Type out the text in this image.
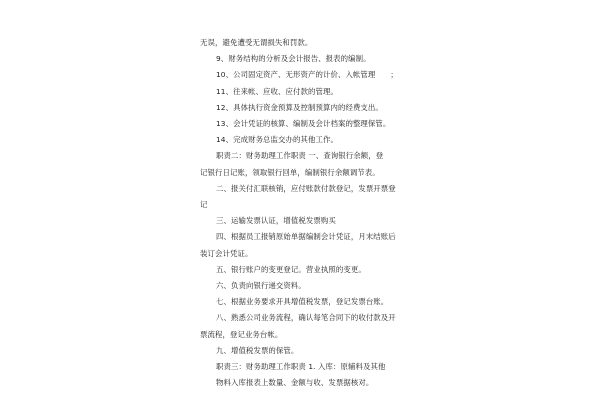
无误，避免遭受无谓损失和罚款。
9、财务结构的分析及会计报告、报表的编制。
10、公司固定资产、无形资产的计价、入帐管理　　；
11、往来帐、应收、应付款的管理。
12、具体执行资金预算及控制预算内的经费支出。
13、会计凭证的核算、编制及会计档案的整理保管。
14、完成财务总监交办的其他工作。
职责二：财务助理工作职责 一、查询银行余额，登
记银行日记账，领取银行回单，编制银行余额调节表。
二、报关付汇联核销，应付账款付款登记，发票开票登
记
三、运输发票认证，增值税发票购买
四、根据员工报销原始单据编制会计凭证，月末结账后
装订会计凭证。
五、银行账户的变更登记。营业执照的变更。
六、负责向银行递交资料。
七、根据业务要求开具增值税发票，登记发票台账。
八、熟悉公司业务流程，确认每笔合同下的收付款及开
票流程，登记业务台帐。
九、增值税发票的保管。
职责三：财务助理工作职责 1. 入库：原辅料及其他
物料入库报表上数量、金额与收、发票据核对。
